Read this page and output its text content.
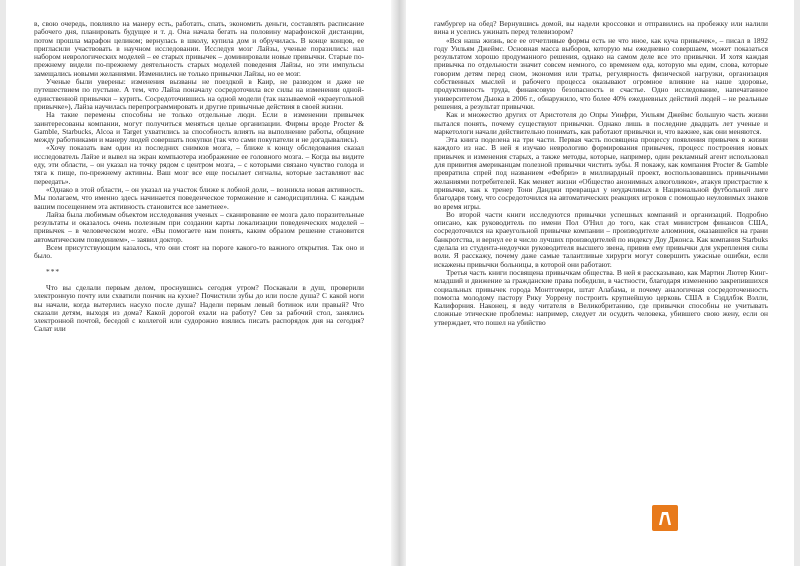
в, свою очередь, повлияло на манеру есть, работать, спать, экономить деньги, составлять расписание рабочего дня, планировать будущее и т. д. Она начала бегать на половину марафонской дистанции, потом прошла марафон целиком; вернулась в школу, купила дом и обручилась. В конце концов, ее пригласили участвовать в научном исследовании. Исследуя мозг Лайзы, ученые поразились: нал набором неврологических моделей – ее старых привычек – доминировали новые привычки. Старые по-прежнему видели по-прежнему деятельность старых моделей поведения Лайзы, но эти импульсы замещались новыми желаниями. Изменились не только привычки Лайзы, но ее мозг.

Ученые были уверены: изменения вызваны не поездкой в Каир, не разводом и даже не путешествием по пустыне. А тем, что Лайза поначалу сосредоточила все силы на изменении одной-единственной привычки – курить. Сосредоточившись на одной модели (так называемой «краеугольной привычке»), Лайза научилась перепрограммировать и другие привычные действия в своей жизни.

На такие перемены способны не только отдельные люди. Если в изменении привычек заинтересованы компании, могут получиться меняться целые организации. Фирмы вроде Procter & Gamble, Starbucks, Alcoa и Target ухватились за способность влиять на выполнение работы, общение между работниками и манеру людей совершать покупки (так что сами покупатели и не догадывались).

«Хочу показать вам один из последних снимков мозга, – ближе к концу обследования сказал исследователь Лайзе и вывел на экран компьютера изображение ее головного мозга. – Когда вы видите еду, эти области, – он указал на точку рядом с центром мозга, – с которыми связано чувство голода и тяга к пище, по-прежнему активны. Ваш мозг все еще посылает сигналы, которые заставляют вас переедать».

«Однако в этой области, – он указал на участок ближе к лобной доли, – возникла новая активность. Мы полагаем, что именно здесь начинается поведенческое торможение и самодисциплина. С каждым вашим посещением эта активность становится все заметнее».

Лайза была любимым объектом исследования ученых – сканирование ее мозга дало поразительные результаты и оказалось очень полезным при создании карты локализации поведенческих моделей – привычек – в человеческом мозге. «Вы помогаете нам понять, каким образом решение становится автоматическим поведением», – заявил доктор.

Всем присутствующим казалось, что они стоят на пороге какого-то важного открытия. Так оно и было.

***

Что вы сделали первым делом, проснувшись сегодня утром? Поскакали в душ, проверили электронную почту или схватили пончик на кухне? Почистили зубы до или после душа? С какой ноги вы начали, когда вытерлись насухо после душа? Надели первым левый ботинок или правый? Что сказали детям, выходя из дома? Какой дорогой ехали на работу? Сев за рабочий стол, занялись электронной почтой, беседой с коллегой или судорожно взялись писать распорядок дня на сегодня? Салат или

гамбургер на обед? Вернувшись домой, вы надели кроссовки и отправились на пробежку или налили вина и уселись ужинать перед телевизором?

«Вся наша жизнь, все ее отчетливые формы есть не что иное, как куча привычек», – писал в 1892 году Уильям Джеймс. Основная масса выборов, которую мы ежедневно совершаем, может показаться результатом хорошо продуманного решения, однако на самом деле все это привычки. И хотя каждая привычка по отдельности значит совсем немного, со временем еда, которую мы едим, слова, которые говорим детям перед сном, экономия или траты, регулярность физической нагрузки, организация собственных мыслей и рабочего процесса оказывают огромное влияние на наше здоровье, продуктивность труда, финансовую безопасность и счастье. Одно исследование, напечатанное университетом Дьюка в 2006 г., обнаружило, что более 40% ежедневных действий людей – не реальные решения, а результат привычки.

Как и множество других от Аристотеля до Опры Уинфри, Уильям Джеймс большую часть жизни пытался понять, почему существуют привычки. Однако лишь в последние двадцать лет ученые и маркетологи начали действительно понимать, как работают привычки и, что важнее, как они меняются.

Эта книга поделена на три части. Первая часть посвящена процессу появления привычек в жизни каждого из нас. В ней я изучаю неврологию формирования привычек, процесс построения новых привычек и изменения старых, а также методы, которые, например, один рекламный агент использовал для привития американцам полезной привычки чистить зубы. Я покажу, как компания Procter & Gamble превратила спрей под названием «Фебриз» в миллиардный проект, воспользовавшись привычными желаниями потребителей. Как меняет жизни «Общество анонимных алкоголиков», атакуя пристрастие к привычке, как к тренер Тони Данджи превращал у неудачливых в Национальной футбольной лиге благодаря тому, что сосредоточился на автоматических реакциях игроков с помощью неуловимых знаков во время игры.

Во второй части книги исследуются привычки успешных компаний и организаций. Подробно описано, как руководитель по имени Пол О'Нил до того, как стал министром финансов США, сосредоточился на краеугольной привычке компании – производителе алюминия, оказавшейся на грани банкротства, и вернул ее в число лучших производителей по индексу Доу Джонса. Как компания Starbuks сделала из студента-недоучки руководителя высшего звена, привив ему привычки для укрепления силы воли. Я расскажу, почему даже самые талантливые хирурги могут совершить ужасные ошибки, если искажены привычки больницы, в которой они работают.

Третья часть книги посвящена привычкам общества. В ней я рассказываю, как Мартин Лютер Кинг-младший и движение за гражданские права победили, в частности, благодаря изменению закрепившихся социальных привычек города Монтгомери, штат Алабама, и почему аналогичная сосредоточенность помогла молодому пастору Рику Уоррену построить крупнейшую церковь США в Сэддлбэк Вэлли, Калифорния. Наконец, я веду читателя в Великобританию, где привычки способны не учитывать сложные этические проблемы: например, следует ли осудить человека, убившего свою жену, если он утверждает, что пошел на убийство
